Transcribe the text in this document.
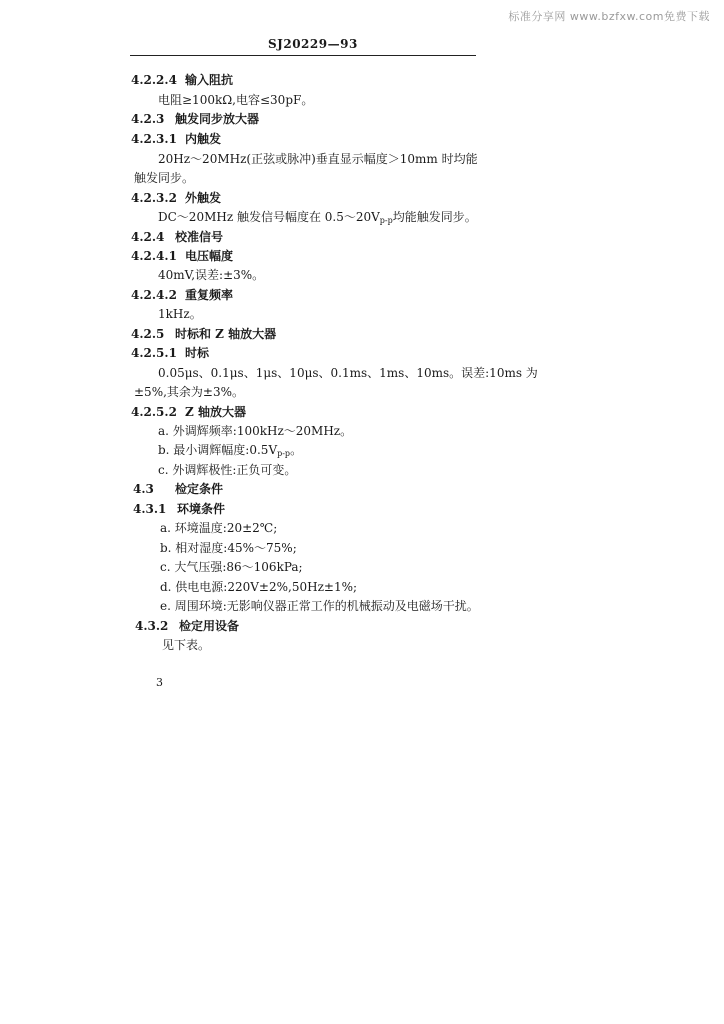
标准分享网 www.bzfxw.com免费下载
SJ20229—93
4.2.2.4 输入阻抗
电阻≥100kΩ,电容≤30pF。
4.2.3 触发同步放大器
4.2.3.1 内触发
20Hz～20MHz(正弦或脉冲)垂直显示幅度＞10mm 时均能
触发同步。
4.2.3.2 外触发
DC～20MHz 触发信号幅度在 $0.5\sim 20V_{p-p}$均能触发同步。
4.2.4 校准信号
4.2.4.1 电压幅度
40mV,误差:±3%。
4.2.4.2 重复频率
1kHz。
4.2.5 时标和 Z 轴放大器
4.2.5.1 时标
0.05μs、0.1μs、1μs、10μs、0.1ms、1ms、10ms。误差:10ms 为
±5%,其余为±3%。
4.2.5.2 Z 轴放大器
a. 外调辉频率:100kHz～20MHz。
b. 最小调辉幅度$:0.5V_{p-p}$。
c. 外调辉极性:正负可变。
4.3 检定条件
4.3.1 环境条件
a. 环境温度:20±2℃;
b. 相对湿度:45%～75%;
c. 大气压强:86～106kPa;
d. 供电电源:220V±2%,50Hz±1%;
e. 周围环境:无影响仪器正常工作的机械振动及电磁场干扰。
4.3.2 检定用设备
见下表。
3
